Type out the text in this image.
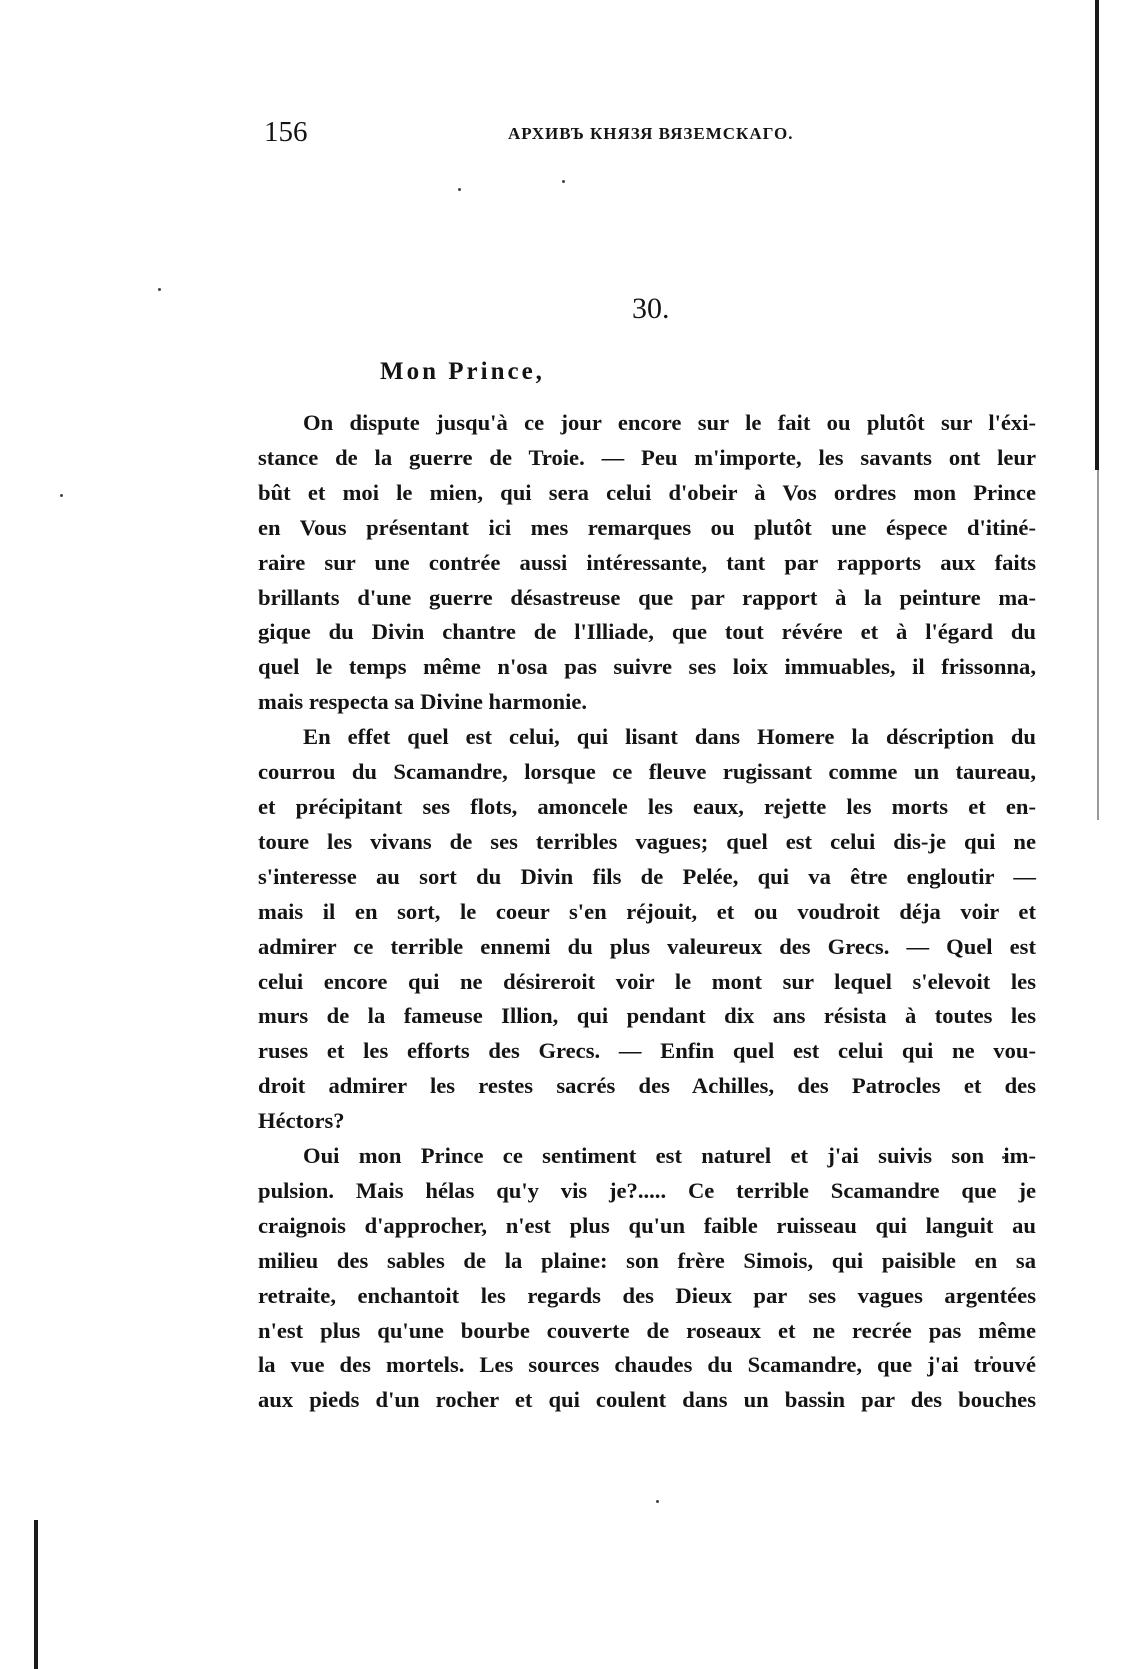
156	АРХИВЪ КНЯЗЯ ВЯЗЕМСКАГО.
30.
Mon Prince,
On dispute jusqu'à ce jour encore sur le fait ou plutôt sur l'éxi-
stance de la guerre de Troie. — Peu m'importe, les savants ont leur
bût et moi le mien, qui sera celui d'obeir à Vos ordres mon Prince
en Vous présentant ici mes remarques ou plutôt une éspece d'itiné-
raire sur une contrée aussi intéressante, tant par rapports aux faits
brillants d'une guerre désastreuse que par rapport à la peinture ma-
gique du Divin chantre de l'Illiade, que tout révére et à l'égard du
quel le temps même n'osa pas suivre ses loix immuables, il frissonna,
mais respecta sa Divine harmonie.
En effet quel est celui, qui lisant dans Homere la déscription du
courrou du Scamandre, lorsque ce fleuve rugissant comme un taureau,
et précipitant ses flots, amoncele les eaux, rejette les morts et en-
toure les vivans de ses terribles vagues; quel est celui dis-je qui ne
s'interesse au sort du Divin fils de Pelée, qui va être engloutir —
mais il en sort, le coeur s'en réjouit, et ou voudroit déja voir et
admirer ce terrible ennemi du plus valeureux des Grecs. — Quel est
celui encore qui ne désireroit voir le mont sur lequel s'elevoit les
murs de la fameuse Illion, qui pendant dix ans résista à toutes les
ruses et les efforts des Grecs. — Enfin quel est celui qui ne vou-
droit admirer les restes sacrés des Achilles, des Patrocles et des
Héctors?
Oui mon Prince ce sentiment est naturel et j'ai suivis son im-
pulsion. Mais hélas qu'y vis je?..... Ce terrible Scamandre que je
craignois d'approcher, n'est plus qu'un faible ruisseau qui languit au
milieu des sables de la plaine: son frère Simois, qui paisible en sa
retraite, enchantoit les regards des Dieux par ses vagues argentées
n'est plus qu'une bourbe couverte de roseaux et ne recrée pas même
la vue des mortels. Les sources chaudes du Scamandre, que j'ai trouvé
aux pieds d'un rocher et qui coulent dans un bassin par des bouches
